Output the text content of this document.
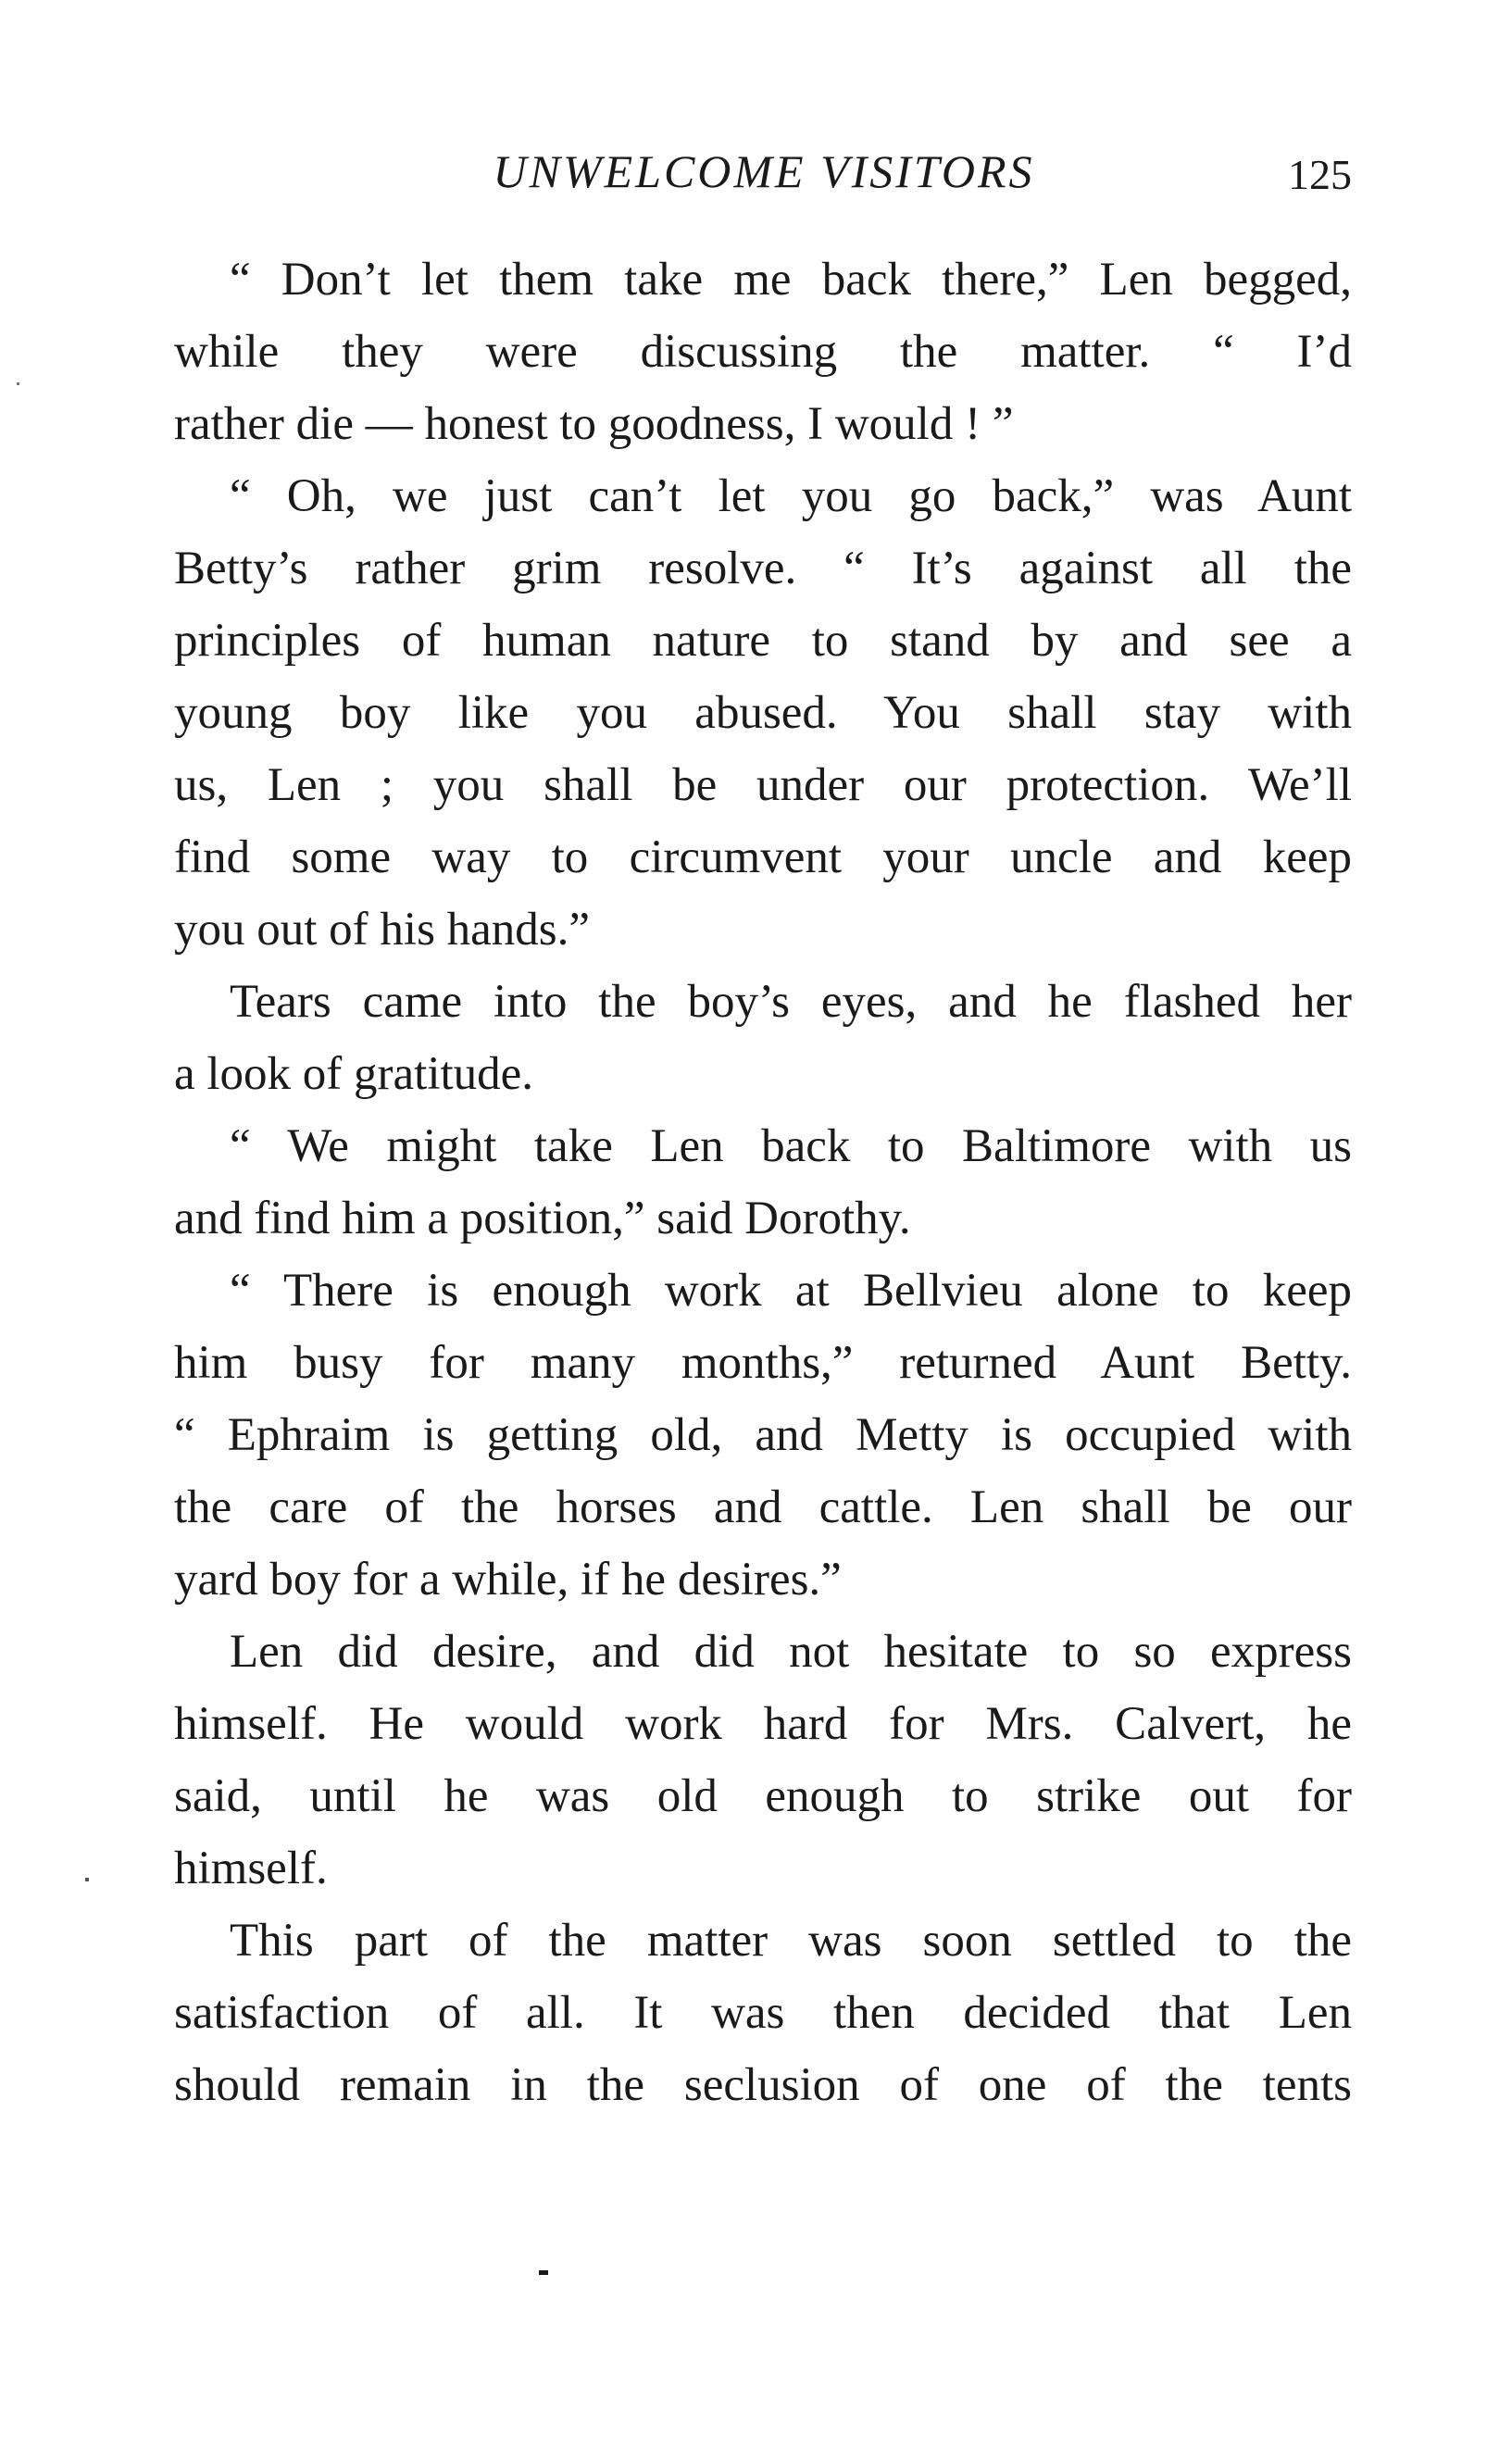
UNWELCOME VISITORS	125
“ Don’t let them take me back there,” Len begged,
while they were discussing the matter. “ I’d
rather die — honest to goodness, I would ! ”
“ Oh, we just can’t let you go back,” was Aunt
Betty’s rather grim resolve. “ It’s against all the
principles of human nature to stand by and see a
young boy like you abused. You shall stay with
us, Len ; you shall be under our protection. We’ll
find some way to circumvent your uncle and keep
you out of his hands.”
Tears came into the boy’s eyes, and he flashed her
a look of gratitude.
“ We might take Len back to Baltimore with us
and find him a position,” said Dorothy.
“ There is enough work at Bellvieu alone to keep
him busy for many months,” returned Aunt Betty.
“ Ephraim is getting old, and Metty is occupied with
the care of the horses and cattle. Len shall be our
yard boy for a while, if he desires.”
Len did desire, and did not hesitate to so express
himself. He would work hard for Mrs. Calvert, he
said, until he was old enough to strike out for
himself.
This part of the matter was soon settled to the
satisfaction of all. It was then decided that Len
should remain in the seclusion of one of the tents
